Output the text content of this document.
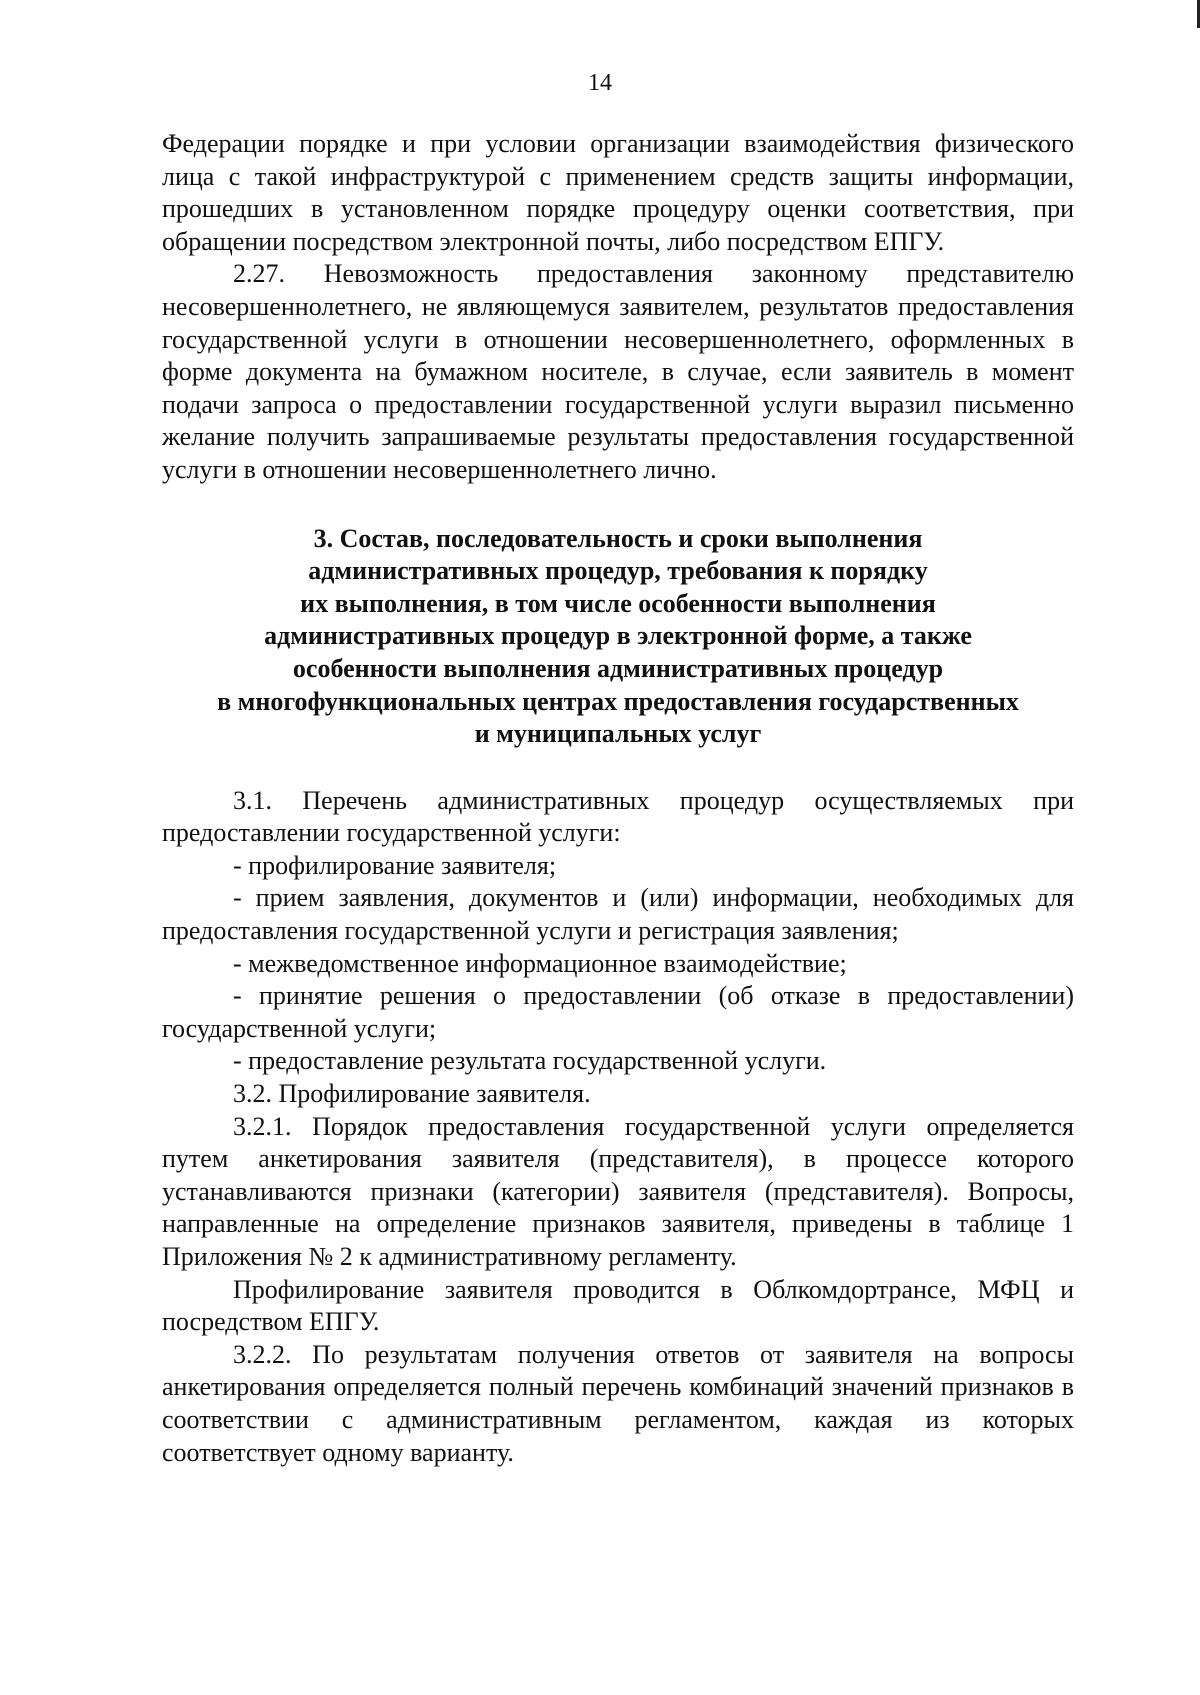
14

Федерации порядке и при условии организации взаимодействия физического лица с такой инфраструктурой с применением средств защиты информации, прошедших в установленном порядке процедуру оценки соответствия, при обращении посредством электронной почты, либо посредством ЕПГУ.

2.27. Невозможность предоставления законному представителю несовершеннолетнего, не являющемуся заявителем, результатов предоставления государственной услуги в отношении несовершеннолетнего, оформленных в форме документа на бумажном носителе, в случае, если заявитель в момент подачи запроса о предоставлении государственной услуги выразил письменно желание получить запрашиваемые результаты предоставления государственной услуги в отношении несовершеннолетнего лично.

3. Состав, последовательность и сроки выполнения
административных процедур, требования к порядку
их выполнения, в том числе особенности выполнения
административных процедур в электронной форме, а также
особенности выполнения административных процедур
в многофункциональных центрах предоставления государственных
и муниципальных услуг

3.1. Перечень административных процедур осуществляемых при предоставлении государственной услуги:

- профилирование заявителя;

- прием заявления, документов и (или) информации, необходимых для предоставления государственной услуги и регистрация заявления;

- межведомственное информационное взаимодействие;

- принятие решения о предоставлении (об отказе в предоставлении) государственной услуги;

- предоставление результата государственной услуги.

3.2. Профилирование заявителя.

3.2.1. Порядок предоставления государственной услуги определяется путем анкетирования заявителя (представителя), в процессе которого устанавливаются признаки (категории) заявителя (представителя). Вопросы, направленные на определение признаков заявителя, приведены в таблице 1 Приложения № 2 к административному регламенту.

Профилирование заявителя проводится в Облкомдортрансе, МФЦ и посредством ЕПГУ.

3.2.2. По результатам получения ответов от заявителя на вопросы анкетирования определяется полный перечень комбинаций значений признаков в соответствии с административным регламентом, каждая из которых соответствует одному варианту.
